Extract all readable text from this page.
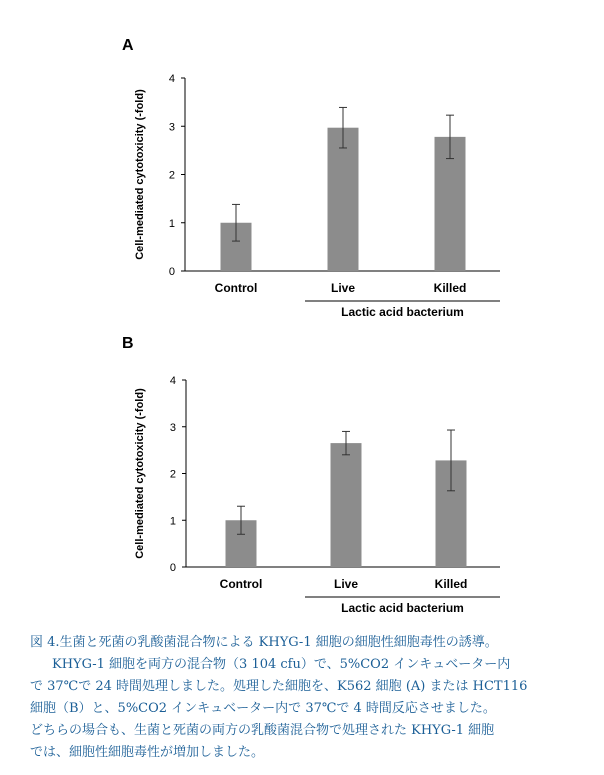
A
0
1
2
3
4
Cell-mediated cytotoxicity (-fold)
Control	Live	Killed
Lactic acid bacterium
B
0
1
2
3
4
Cell-mediated cytotoxicity (-fold)
Control	Live	Killed
Lactic acid bacterium

図 4.生菌と死菌の乳酸菌混合物による KHYG-1 細胞の細胞性細胞毒性の誘導。

KHYG-1 細胞を両方の混合物（3 104 cfu）で、5%CO2 インキュベーター内

で 37℃で 24 時間処理しました。処理した細胞を、K562 細胞 (A) または HCT116

細胞（B）と、5%CO2 インキュベーター内で 37℃で 4 時間反応させました。

どちらの場合も、生菌と死菌の両方の乳酸菌混合物で処理された KHYG-1 細胞

では、細胞性細胞毒性が増加しました。
